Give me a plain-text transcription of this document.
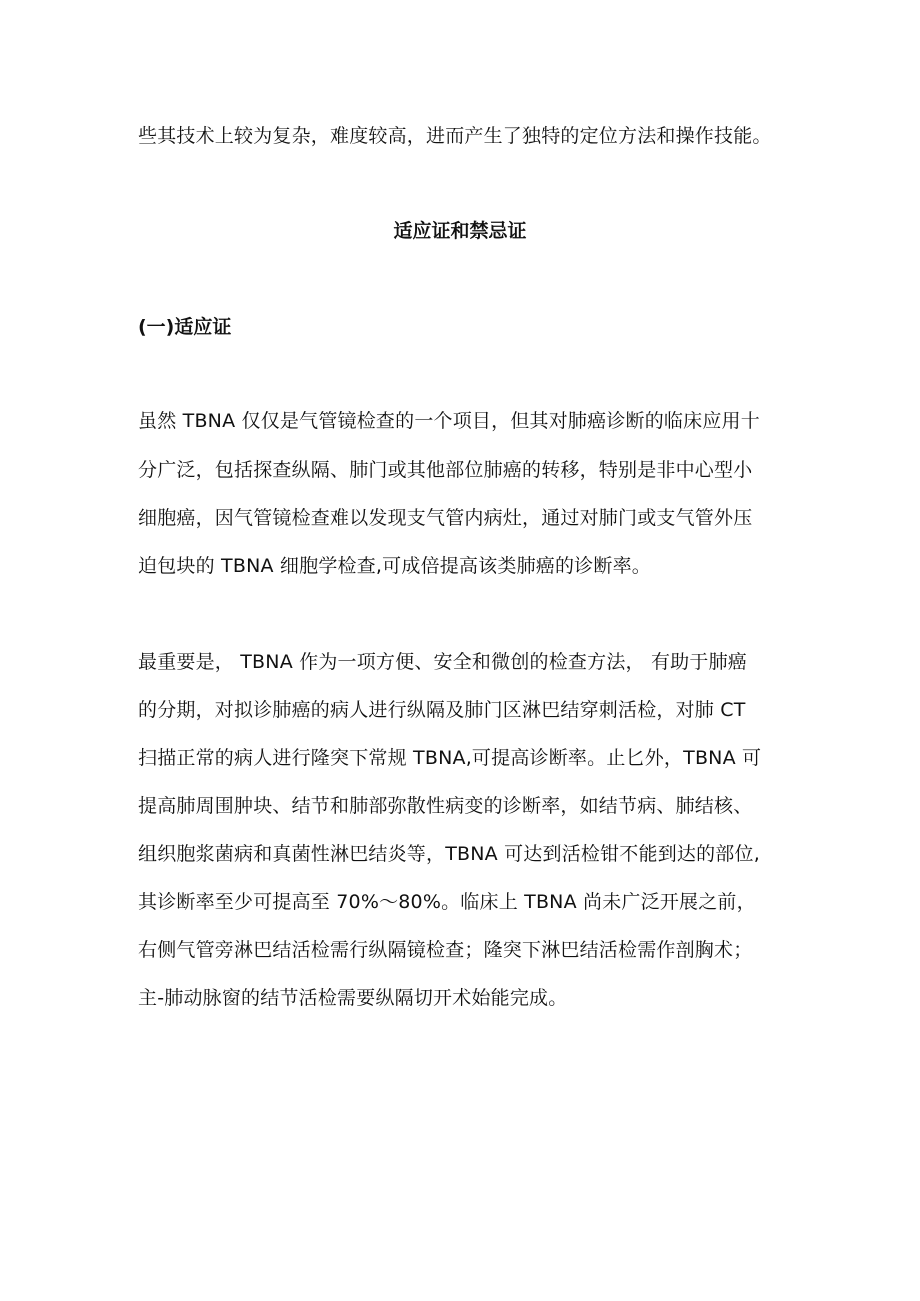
些其技术上较为复杂，难度较高，进而产生了独特的定位方法和操作技能。
适应证和禁忌证
(一)适应证
虽然 TBNA 仅仅是气管镜检查的一个项目，但其对肺癌诊断的临床应用十
分广泛，包括探查纵隔、肺门或其他部位肺癌的转移，特别是非中心型小
细胞癌，因气管镜检查难以发现支气管内病灶，通过对肺门或支气管外压
迫包块的 TBNA 细胞学检查,可成倍提高该类肺癌的诊断率。
最重要是， TBNA 作为一项方便、安全和微创的检查方法， 有助于肺癌
的分期，对拟诊肺癌的病人进行纵隔及肺门区淋巴结穿刺活检，对肺 CT
扫描正常的病人进行隆突下常规 TBNA,可提高诊断率。止匕外，TBNA 可
提高肺周围肿块、结节和肺部弥散性病变的诊断率，如结节病、肺结核、
组织胞浆菌病和真菌性淋巴结炎等，TBNA 可达到活检钳不能到达的部位,
其诊断率至少可提高至 70%～80%。临床上 TBNA 尚未广泛开展之前，
右侧气管旁淋巴结活检需行纵隔镜检查；隆突下淋巴结活检需作剖胸术；
主-肺动脉窗的结节活检需要纵隔切开术始能完成。
